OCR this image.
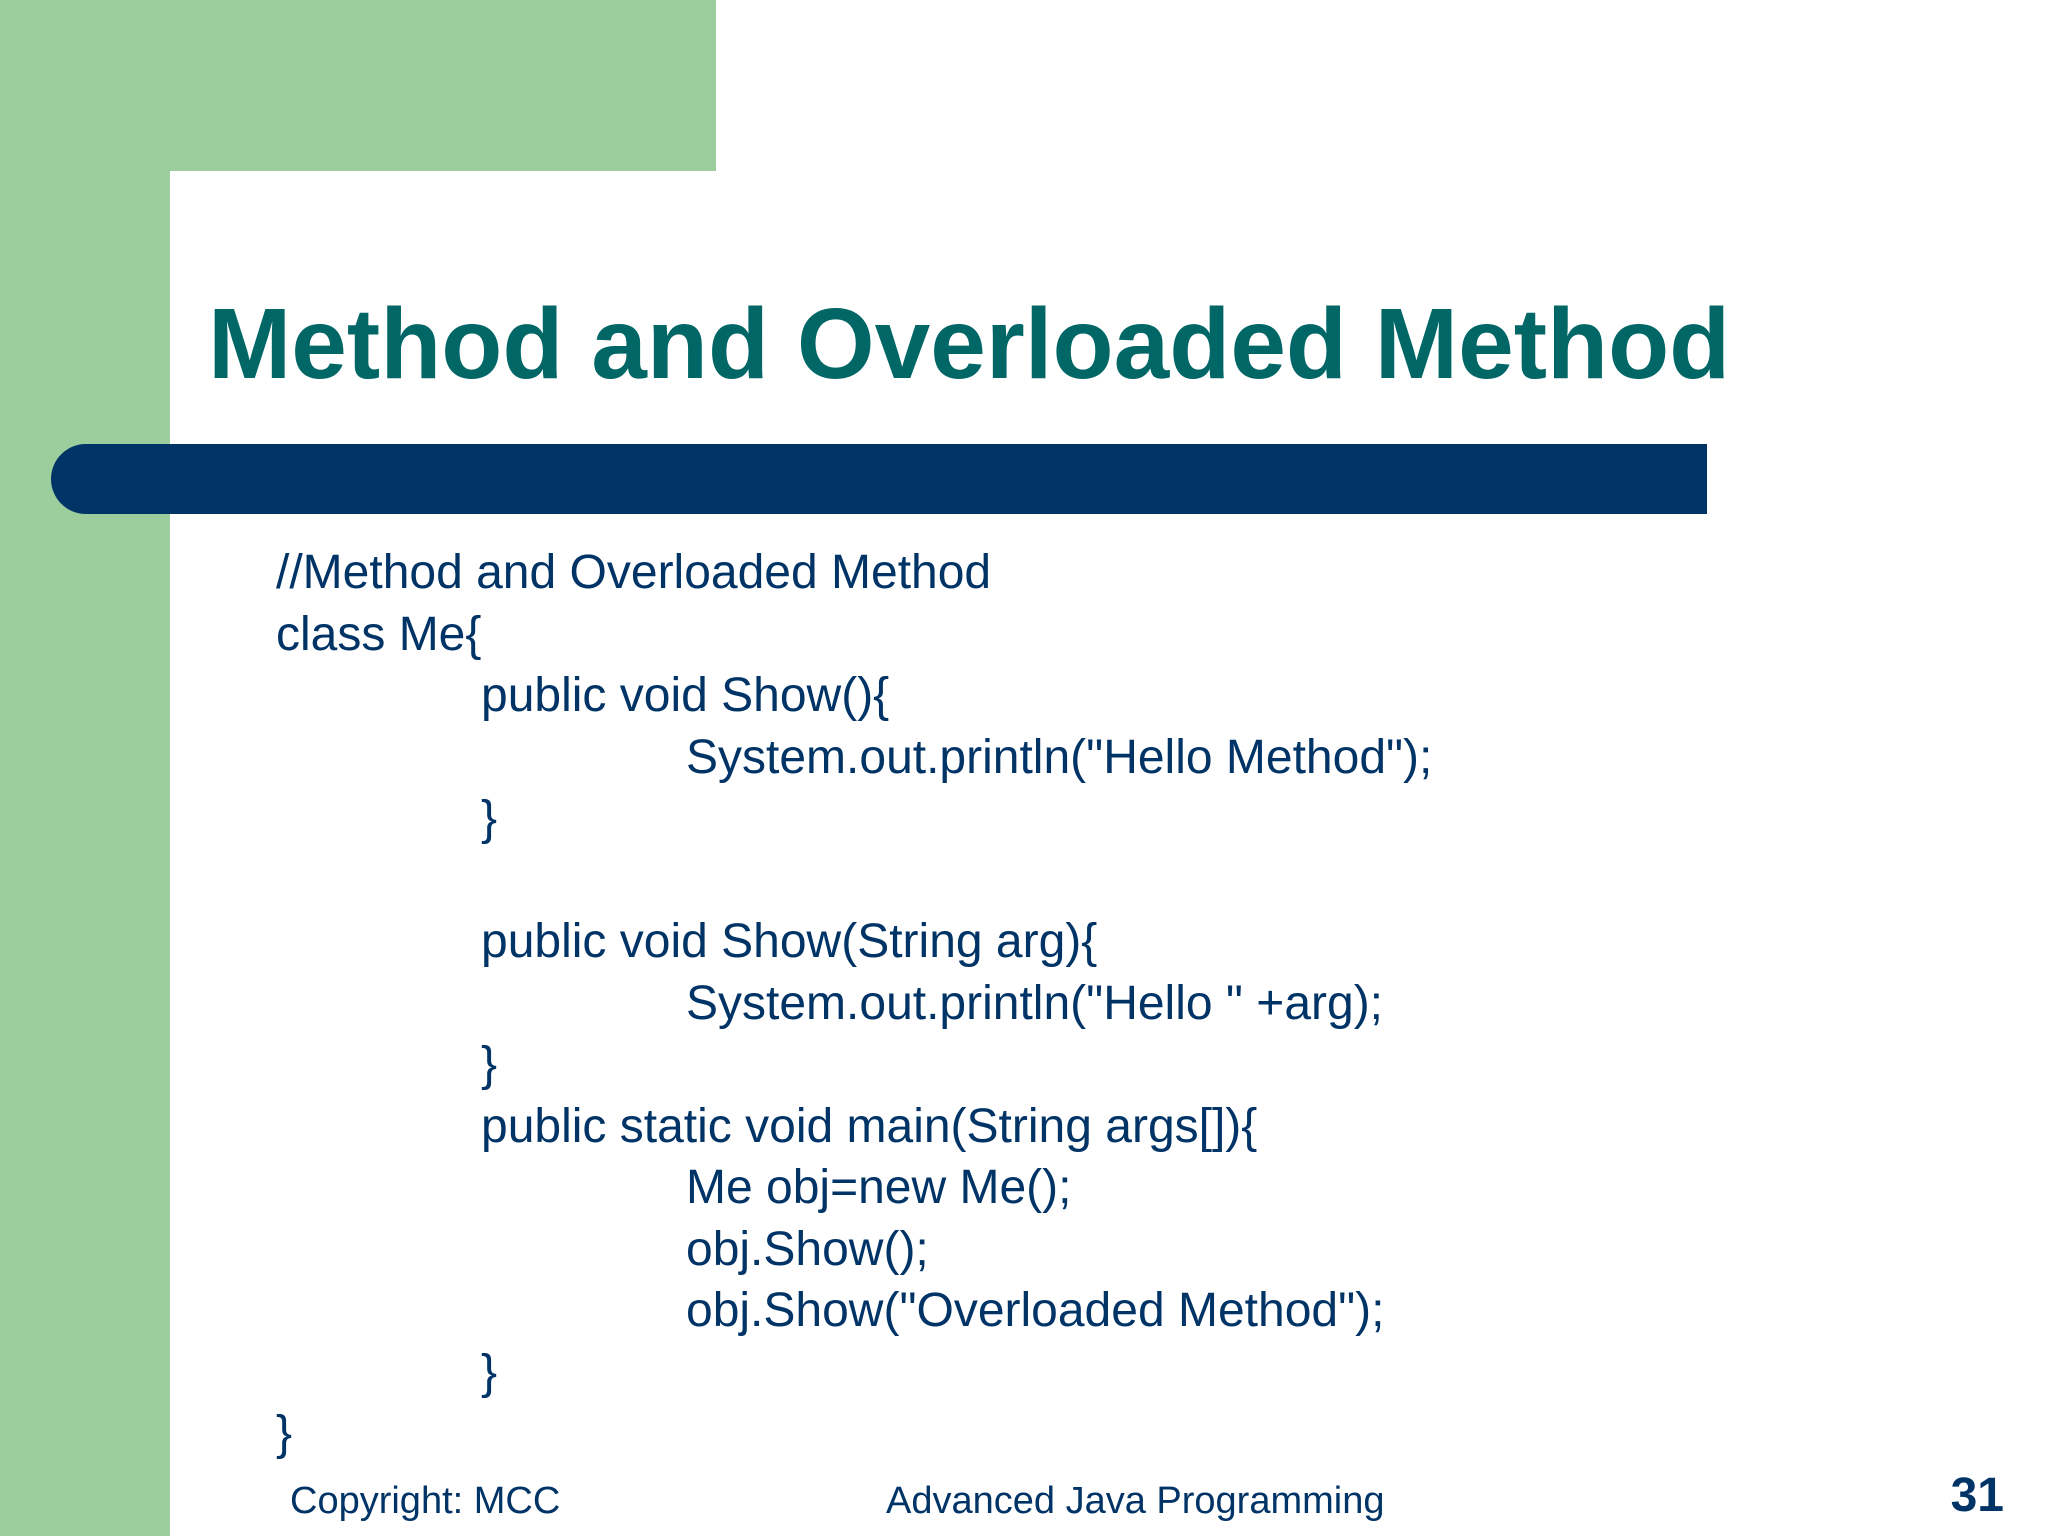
Method and Overloaded Method
//Method and Overloaded Method
class Me{
public void Show(){
System.out.println("Hello Method");
}
public void Show(String arg){
System.out.println("Hello " +arg);
}
public static void main(String args[]){
Me obj=new Me();
obj.Show();
obj.Show("Overloaded Method");
}
}
Copyright: MCC	Advanced Java Programming	31
